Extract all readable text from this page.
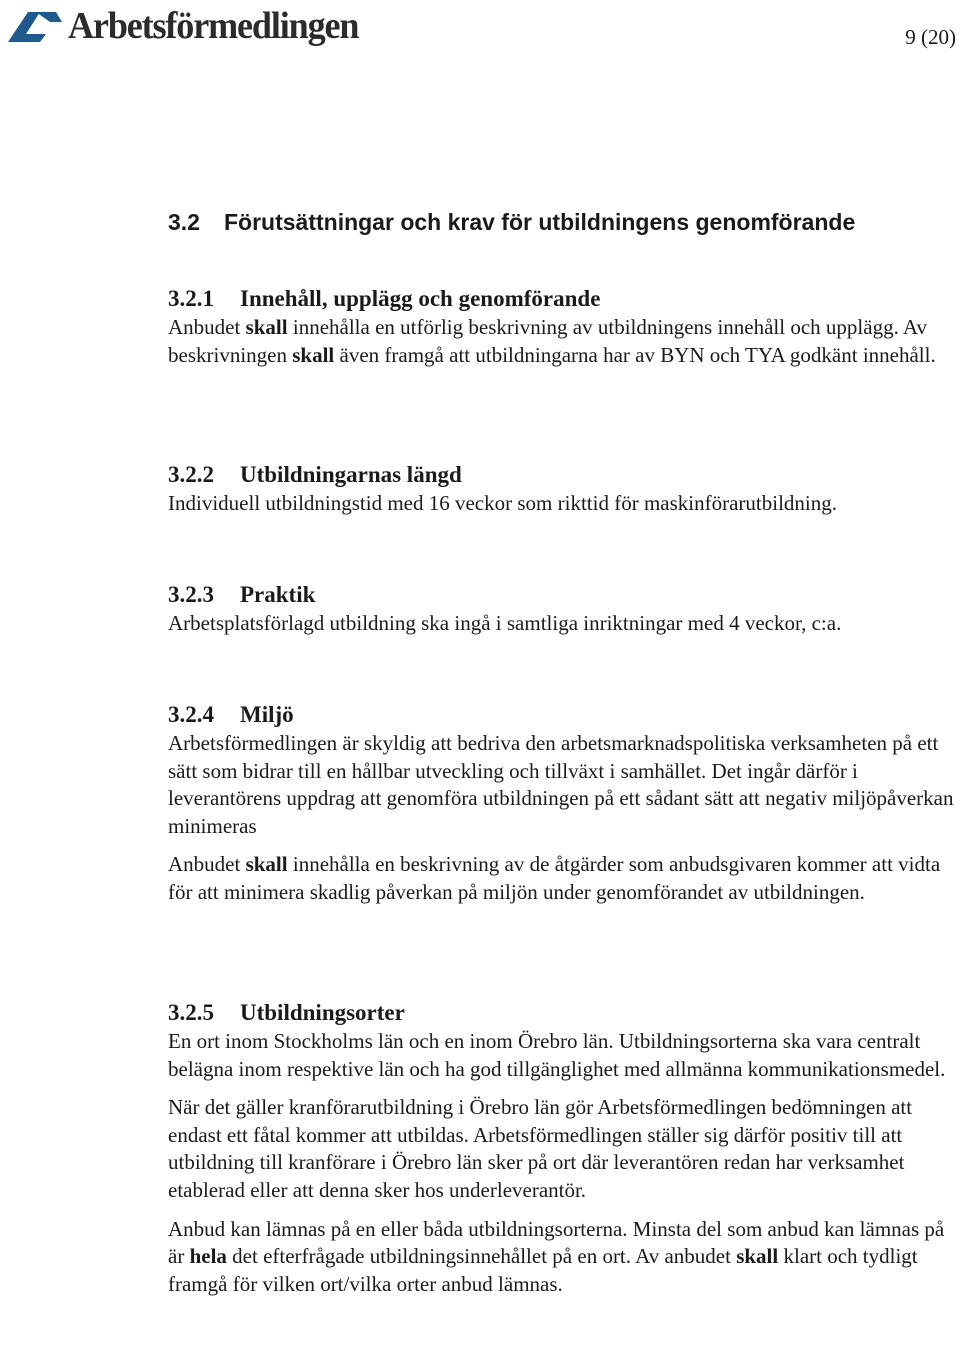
Arbetsförmedlingen	9 (20)
3.2 Förutsättningar och krav för utbildningens genomförande
3.2.1 Innehåll, upplägg och genomförande

Anbudet skall innehålla en utförlig beskrivning av utbildningens innehåll och upplägg. Av beskrivningen skall även framgå att utbildningarna har av BYN och TYA godkänt innehåll.

3.2.2 Utbildningarnas längd

Individuell utbildningstid med 16 veckor som rikttid för maskinförarutbildning.

3.2.3 Praktik

Arbetsplatsförlagd utbildning ska ingå i samtliga inriktningar med 4 veckor, c:a.

3.2.4 Miljö

Arbetsförmedlingen är skyldig att bedriva den arbetsmarknadspolitiska verksamheten på ett sätt som bidrar till en hållbar utveckling och tillväxt i samhället. Det ingår därför i leverantörens uppdrag att genomföra utbildningen på ett sådant sätt att negativ miljöpåverkan minimeras

Anbudet skall innehålla en beskrivning av de åtgärder som anbudsgivaren kommer att vidta för att minimera skadlig påverkan på miljön under genomförandet av utbildningen.

3.2.5 Utbildningsorter

En ort inom Stockholms län och en inom Örebro län. Utbildningsorterna ska vara centralt belägna inom respektive län och ha god tillgänglighet med allmänna kommunikationsmedel.

När det gäller kranförarutbildning i Örebro län gör Arbetsförmedlingen bedömningen att endast ett fåtal kommer att utbildas. Arbetsförmedlingen ställer sig därför positiv till att utbildning till kranförare i Örebro län sker på ort där leverantören redan har verksamhet etablerad eller att denna sker hos underleverantör.

Anbud kan lämnas på en eller båda utbildningsorterna. Minsta del som anbud kan lämnas på är hela det efterfrågade utbildningsinnehållet på en ort. Av anbudet skall klart och tydligt framgå för vilken ort/vilka orter anbud lämnas.
